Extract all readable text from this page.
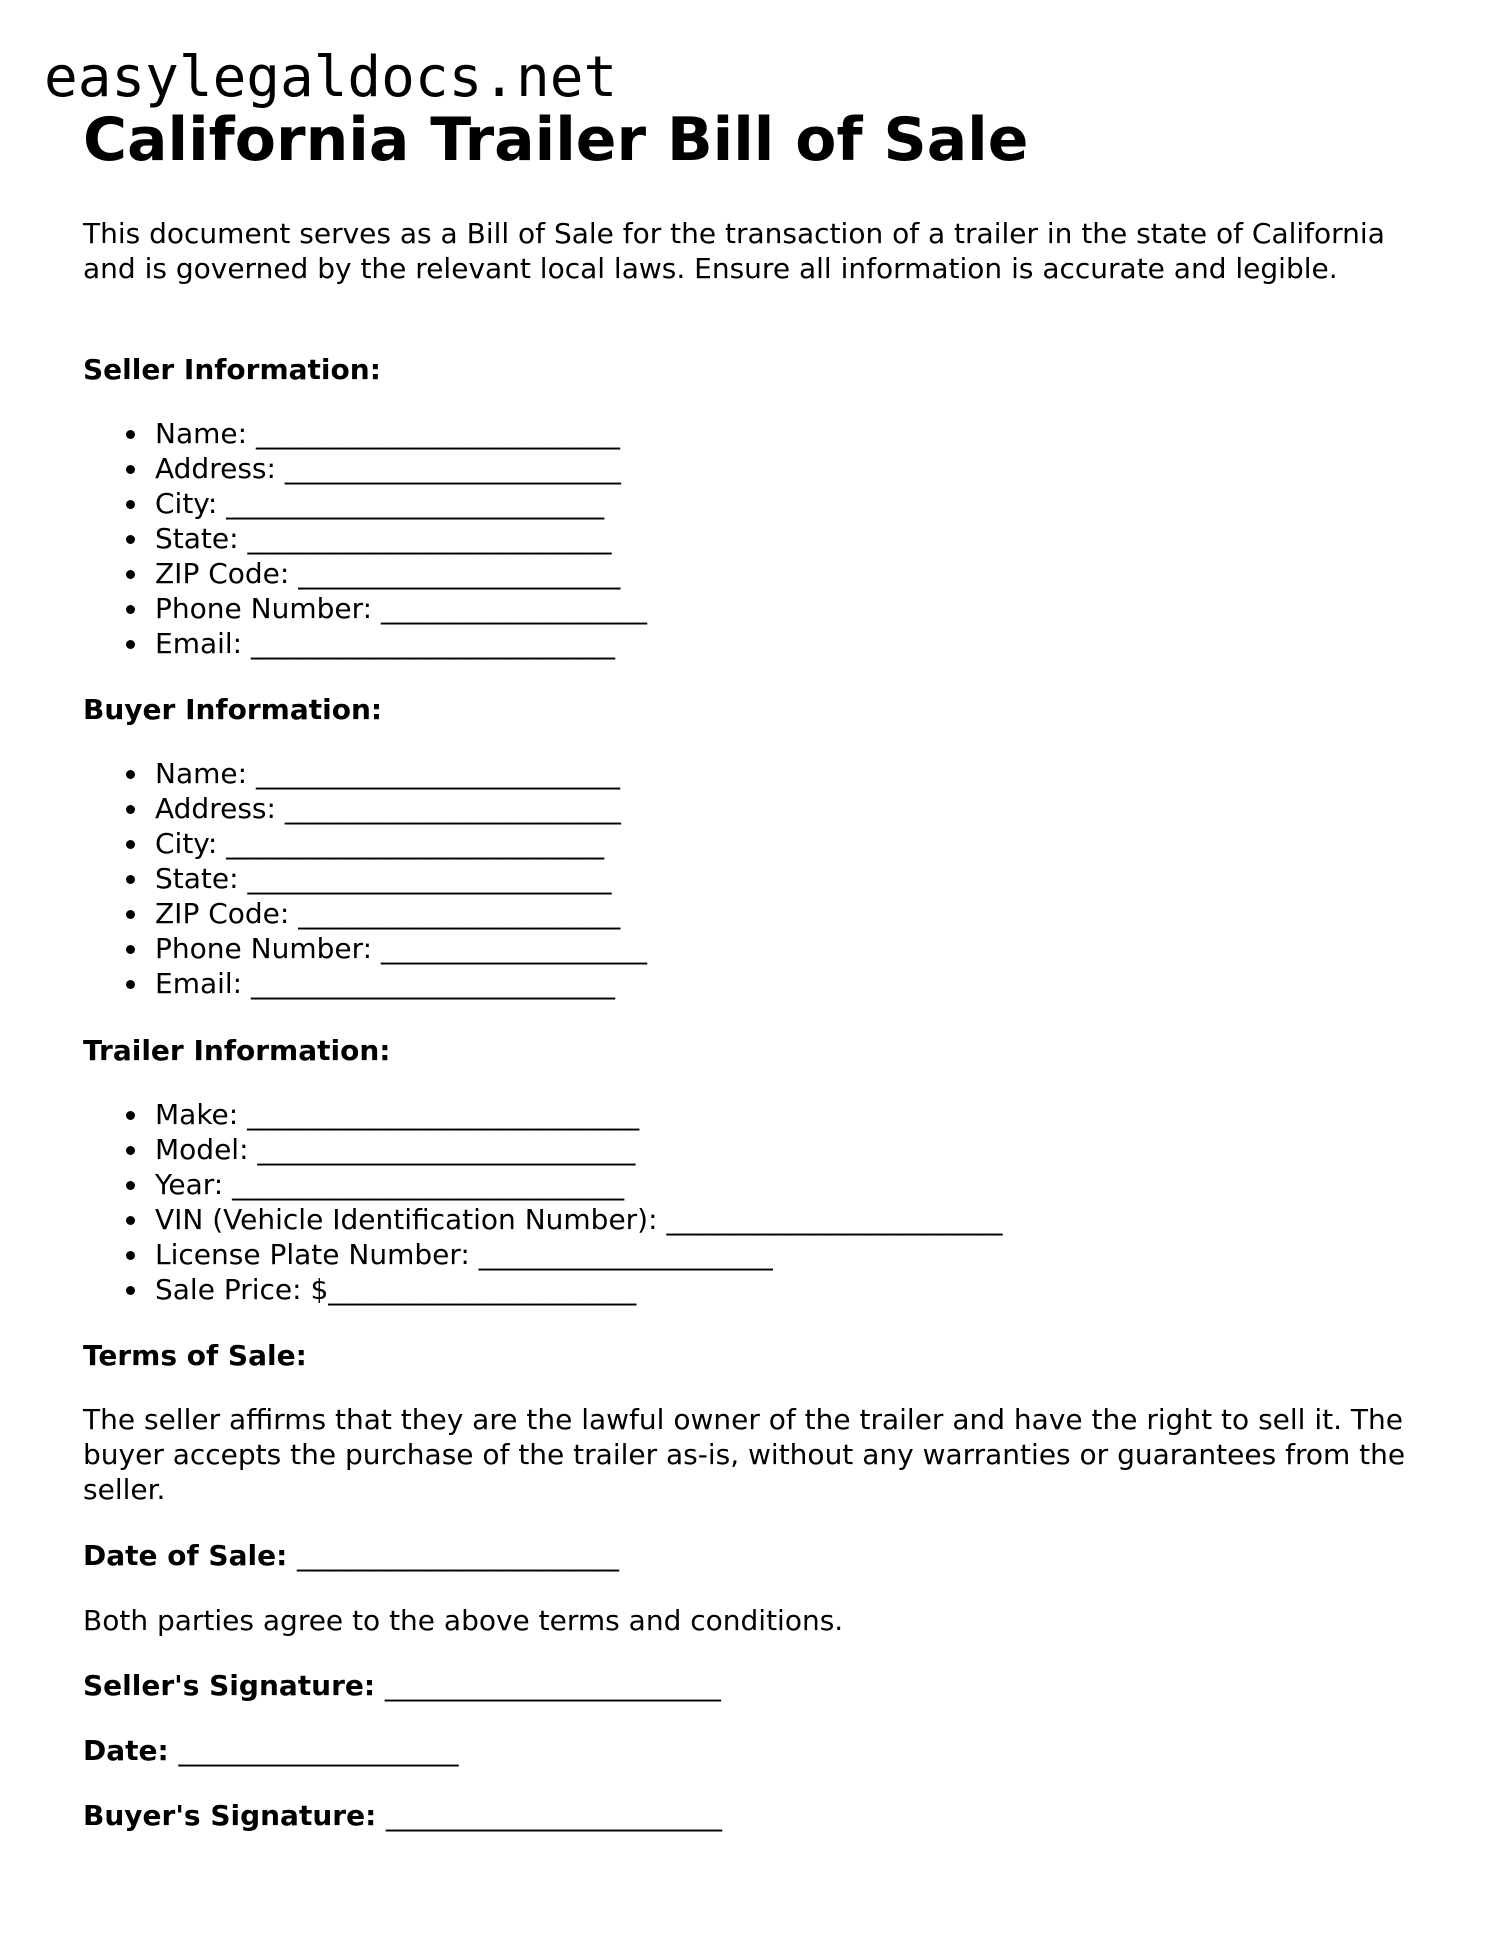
easylegaldocs.net
California Trailer Bill of Sale

This document serves as a Bill of Sale for the transaction of a trailer in the state of California and is governed by the relevant local laws. Ensure all information is accurate and legible.

Seller Information:

Name: __________________________
Address: ________________________
City: ___________________________
State: __________________________
ZIP Code: _______________________
Phone Number: ___________________
Email: __________________________

Buyer Information:

Name: __________________________
Address: ________________________
City: ___________________________
State: __________________________
ZIP Code: _______________________
Phone Number: ___________________
Email: __________________________

Trailer Information:

Make: ____________________________
Model: ___________________________
Year: ____________________________
VIN (Vehicle Identification Number): ________________________
License Plate Number: _____________________
Sale Price: $______________________

Terms of Sale:

The seller affirms that they are the lawful owner of the trailer and have the right to sell it. The buyer accepts the purchase of the trailer as-is, without any warranties or guarantees from the seller.

Date of Sale: _______________________

Both parties agree to the above terms and conditions.

Seller's Signature: ________________________

Date: ____________________

Buyer's Signature: ________________________
